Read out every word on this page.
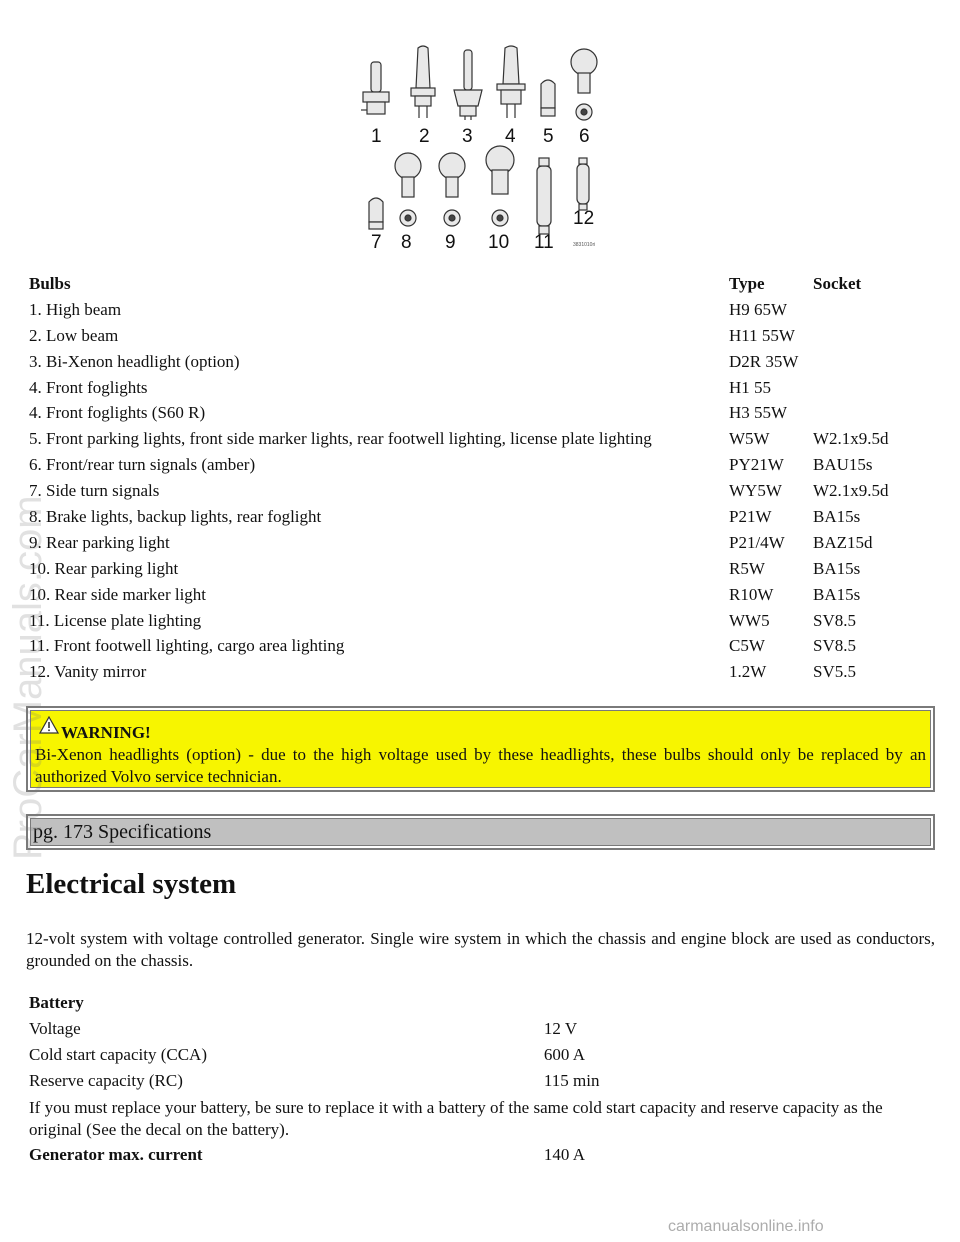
1 2 3 4 5 6
7 8 9 10 11
12
3831010ri
Bulbs	Type	Socket
1. High beam	H9 65W	
2. Low beam	H11 55W	
3. Bi-Xenon headlight (option)	D2R 35W	
4. Front foglights	H1 55	
4. Front foglights (S60 R)	H3 55W	
5. Front parking lights, front side marker lights, rear footwell lighting, license plate lighting	W5W	W2.1x9.5d
6. Front/rear turn signals (amber)	PY21W	BAU15s
7. Side turn signals	WY5W	W2.1x9.5d
8. Brake lights, backup lights, rear foglight	P21W	BA15s
9. Rear parking light	P21/4W	BAZ15d
10. Rear parking light	R5W	BA15s
10. Rear side marker light	R10W	BA15s
11. License plate lighting	WW5	SV8.5
11. Front footwell lighting, cargo area lighting	C5W	SV8.5
12. Vanity mirror	1.2W	SV5.5
WARNING!
Bi-Xenon headlights (option) - due to the high voltage used by these headlights, these bulbs should only be replaced by an authorized Volvo service technician.
pg. 173 Specifications
Electrical system

12-volt system with voltage controlled generator. Single wire system in which the chassis and engine block are used as conductors, grounded on the chassis.

Battery	
Voltage	12 V
Cold start capacity (CCA)	600 A
Reserve capacity (RC)	115 min
If you must replace your battery, be sure to replace it with a battery of the same cold start capacity and reserve capacity as the original (See the decal on the battery).	
Generator max. current	140 A
ProCarManuals.com
carmanualsonline.info
